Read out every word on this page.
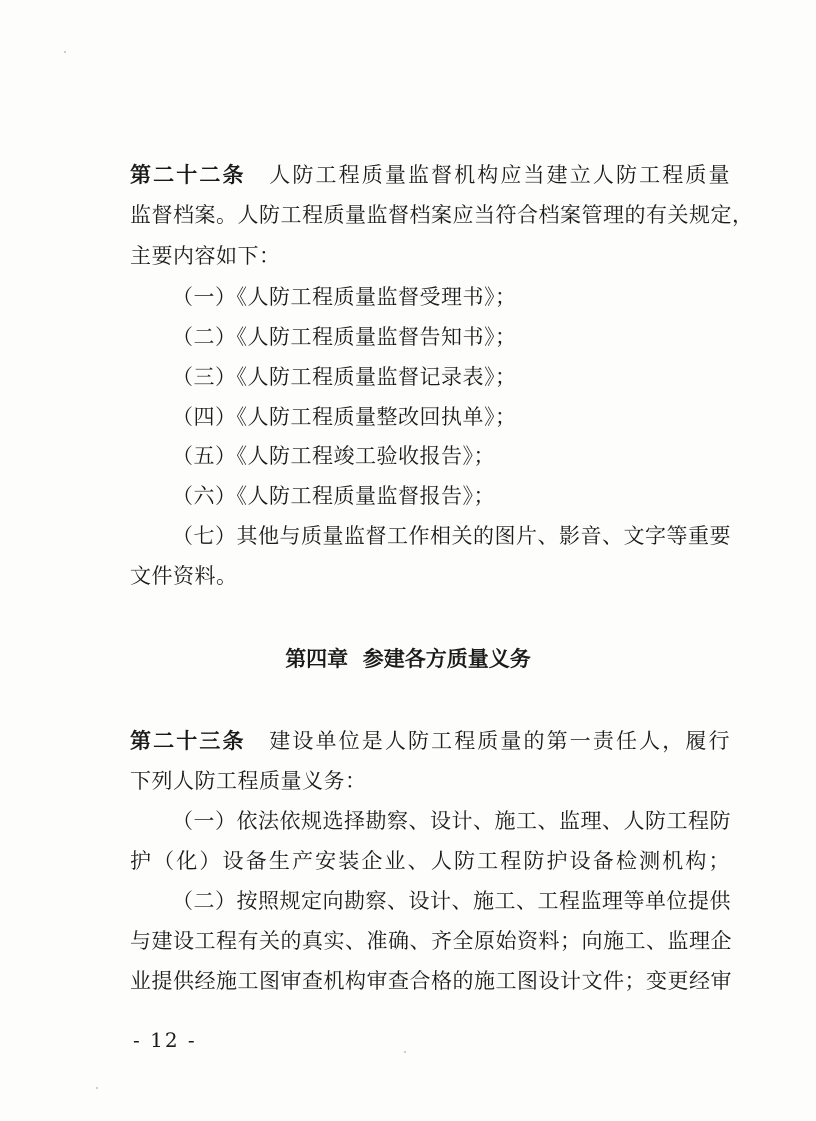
第二十二条 人防工程质量监督机构应当建立人防工程质量
监督档案。人防工程质量监督档案应当符合档案管理的有关规定，
主要内容如下：
（一）《人防工程质量监督受理书》；
（二）《人防工程质量监督告知书》；
（三）《人防工程质量监督记录表》；
（四）《人防工程质量整改回执单》；
（五）《人防工程竣工验收报告》；
（六）《人防工程质量监督报告》；
（七）其他与质量监督工作相关的图片、影音、文字等重要
文件资料。
第四章  参建各方质量义务
第二十三条 建设单位是人防工程质量的第一责任人，履行
下列人防工程质量义务：
（一）依法依规选择勘察、设计、施工、监理、人防工程防
护（化）设备生产安装企业、人防工程防护设备检测机构；
（二）按照规定向勘察、设计、施工、工程监理等单位提供
与建设工程有关的真实、准确、齐全原始资料；向施工、监理企
业提供经施工图审查机构审查合格的施工图设计文件；变更经审
- 12 -
